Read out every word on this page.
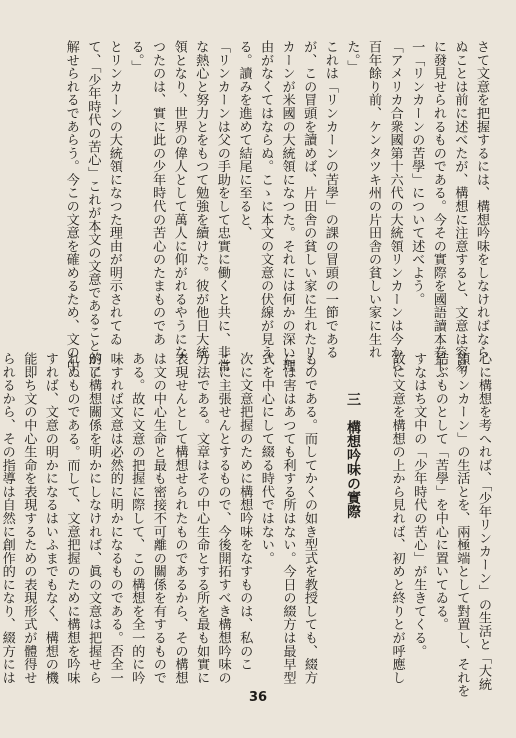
さて文意を把握するには、構想吟味をしなければなら
ぬことは前に述べたが、構想に注意すると、文意は容易
に發見せられるものである。今その實際を國語讀本卷十
一「リンカーンの苦學」について述べよう。
「アメリカ合衆國第十六代の大統領リンカーンは今から
百年餘り前、ケンタツキ州の片田舎の貧しい家に生れ
た。」
これは「リンカーンの苦學」の課の冒頭の一節である
が、この冒頭を讀めば、片田舎の貧しい家に生れたリン
カーンが米國の大統領になつた。それには何かの深い理
由がなくてはならぬ。こゝに本文の文意の伏線が見え
る。讀みを進めて結尾に至ると、
「リンカーンは父の手助をして忠實に働くと共に、非常
な熱心と努力とをもつて勉強を續けた。彼が他日大統
領となり、世界の偉人として萬人に仰がれるやうにな
つたのは、實に此の少年時代の苦心のたまものであ
る。」
とリンカーンの大統領になつた理由が明示されてゐ
て、「少年時代の苦心」これが本文の文意であることが了
解せられるであらう。今この文意を確めるため、文の中
心に構想を考へれば、「少年リンカーン」の生活と「大統
領リンカーン」の生活とを、兩極端として對置し、それを
結ぶものとして「苦學」を中心に置いてゐる。
すなはち文中の「少年時代の苦心」が生きてくる。
故に文意を構想の上から見れば、初めと終りとが呼應し
三　構想吟味の實際
ものである。而してかくの如き型式を教授しても、綴方
には害はあつても利する所はない。今日の綴方は最早型
式を中心にして綴る時代ではない。
次に文意把握のために構想吟味をなすものは、私のこ
こに主張せんとするもので、今後開拓すべき構想吟味の
方法である。文章はその中心生命とする所を最も如實に
表現せんとして構想せられたものであるから、その構想
は文の中心生命と最も密接不可離の關係を有するもので
ある。故に文意の把握に際して、この構想を全一的に吟
味すれば文意は必然的に明かになるものである。否全一
的に構想關係を明かにしなければ、眞の文意は把握せら
れぬものである。而して、文意把握のために構想を吟味
すれば、文意の明かになるはいふまでもなく、構想の機
能即ち文の中心生命を表現するための表現形式が體得せ
られるから、その指導は自然に創作的になり、綴方には
36
